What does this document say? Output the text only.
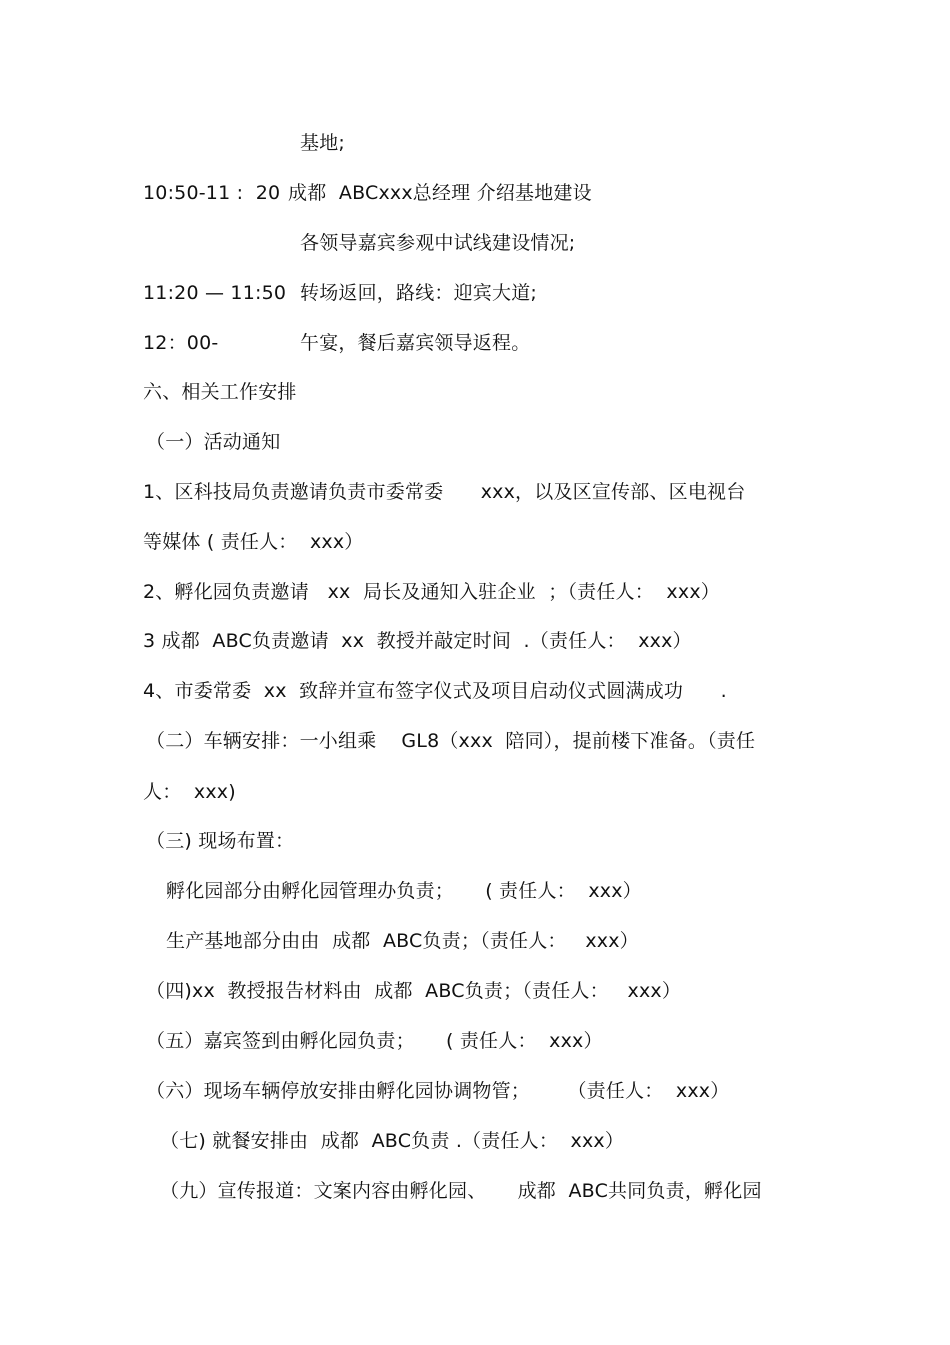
基地;
10:50-11 :  20 成都  ABCxxx总经理 介绍基地建设
各领导嘉宾参观中试线建设情况;
11:20 — 11:50 转场返回，路线：迎宾大道;
12：00-	午宴，餐后嘉宾领导返程。
六、相关工作安排
（一）活动通知
1、区科技局负责邀请负责市委常委      xxx，以及区宣传部、区电视台
等媒体 ( 责任人：  xxx）
2、孵化园负责邀请   xx  局长及通知入驻企业  ；（责任人：  xxx）
3 成都  ABC负责邀请  xx  教授并敲定时间  .（责任人：  xxx）
4、市委常委  xx  致辞并宣布签字仪式及项目启动仪式圆满成功      .
（二）车辆安排：一小组乘    GL8（xxx  陪同），提前楼下准备。（责任
人：  xxx)
（三) 现场布置：
孵化园部分由孵化园管理办负责；     ( 责任人：  xxx）
生产基地部分由由  成都  ABC负责；（责任人：   xxx）
（四)xx  教授报告材料由  成都  ABC负责；（责任人：   xxx）
（五）嘉宾签到由孵化园负责；     ( 责任人：  xxx）
（六）现场车辆停放安排由孵化园协调物管；      （责任人：  xxx）
（七) 就餐安排由  成都  ABC负责 .（责任人：  xxx）
（九）宣传报道：文案内容由孵化园、     成都  ABC共同负责，孵化园
